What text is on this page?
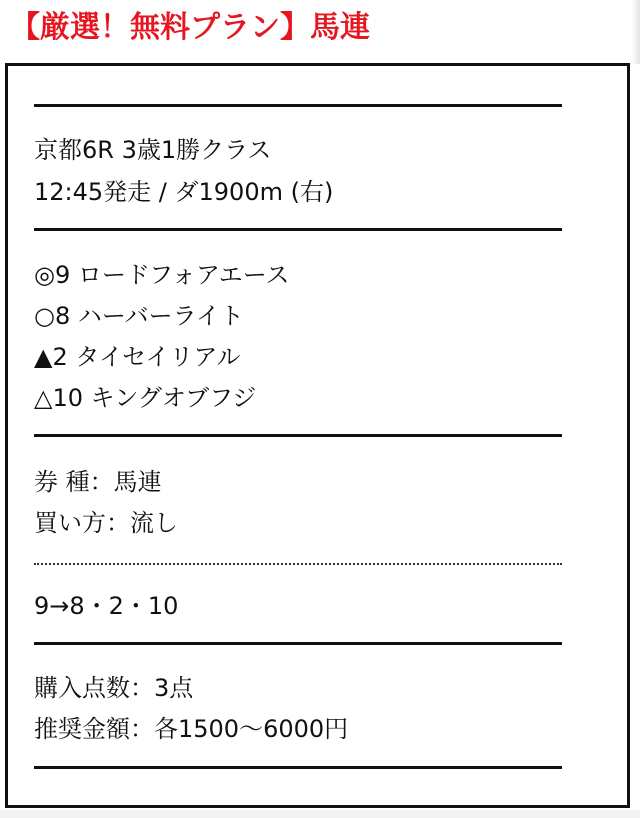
【厳選！無料プラン】馬連
京都6R 3歳1勝クラス
12:45発走 / ダ1900m (右)
◎9 ロードフォアエース
○8 ハーバーライト
▲2 タイセイリアル
△10 キングオブフジ
券 種：馬連
買い方：流し
9→8・2・10
購入点数：3点
推奨金額：各1500〜6000円
